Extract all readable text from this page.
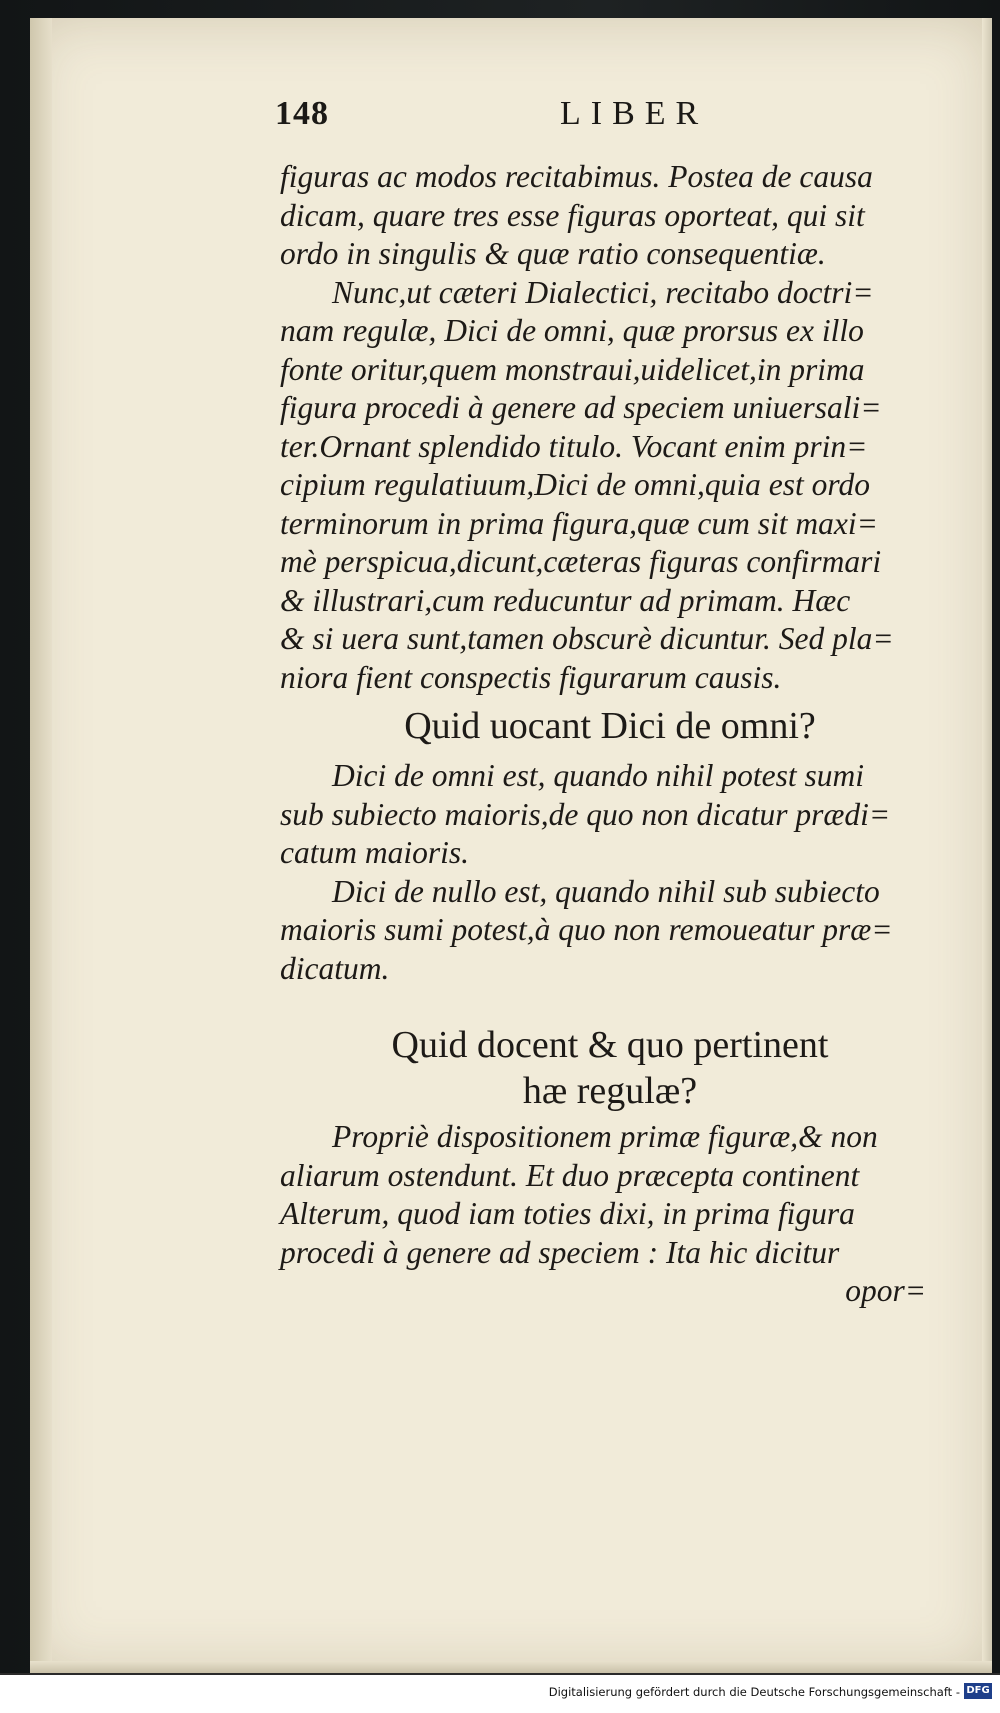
148	LIBER

figuras ac modos recitabimus. Postea de causa
dicam, quare tres esse figuras oporteat, qui sit
ordo in singulis & quæ ratio consequentiæ.

Nunc,ut cæteri Dialectici, recitabo doctri=
nam regulæ, Dici de omni, quæ prorsus ex illo
fonte oritur,quem monstraui,uidelicet,in prima
figura procedi à genere ad speciem uniuersali=
ter.Ornant splendido titulo. Vocant enim prin=
cipium regulatiuum,Dici de omni,quia est ordo
terminorum in prima figura,quæ cum sit maxi=
mè perspicua,dicunt,cæteras figuras confirmari
& illustrari,cum reducuntur ad primam. Hæc
& si uera sunt,tamen obscurè dicuntur. Sed pla=
niora fient conspectis figurarum causis.

Quid uocant Dici de omni?

Dici de omni est, quando nihil potest sumi
sub subiecto maioris,de quo non dicatur prædi=
catum maioris.

Dici de nullo est, quando nihil sub subiecto
maioris sumi potest,à quo non remoueatur præ=
dicatum.

Quid docent & quo pertinent
hæ regulæ?

Propriè dispositionem primæ figuræ,& non
aliarum ostendunt. Et duo præcepta continent
Alterum, quod iam toties dixi, in prima figura
procedi à genere ad speciem : Ita hic dicitur

opor=

Digitalisierung gefördert durch die Deutsche Forschungsgemeinschaft - DFG
